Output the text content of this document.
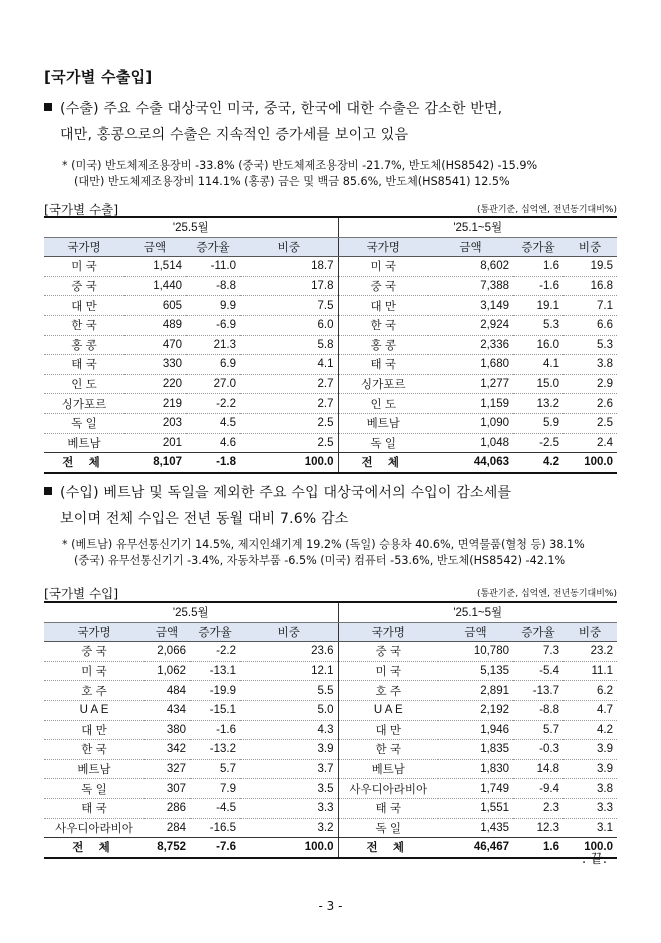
[국가별 수출입]
(수출) 주요 수출 대상국인 미국, 중국, 한국에 대한 수출은 감소한 반면,
대만, 홍콩으로의 수출은 지속적인 증가세를 보이고 있음
* (미국) 반도체제조용장비 -33.8% (중국) 반도체제조용장비 -21.7%, 반도체(HS8542) -15.9%
(대만) 반도체제조용장비 114.1% (홍콩) 금은 및 백금 85.6%, 반도체(HS8541) 12.5%
[국가별 수출]	(통관기준, 십억엔, 전년동기대비%)
'25.5월				'25.1~5월			
국가명	금액	증가율	비중	국가명	금액	증가율	비중
미 국	1,514	-11.0	18.7	미 국	8,602	1.6	19.5
중 국	1,440	-8.8	17.8	중 국	7,388	-1.6	16.8
대 만	605	9.9	7.5	대 만	3,149	19.1	7.1
한 국	489	-6.9	6.0	한 국	2,924	5.3	6.6
홍 콩	470	21.3	5.8	홍 콩	2,336	16.0	5.3
태 국	330	6.9	4.1	태 국	1,680	4.1	3.8
인 도	220	27.0	2.7	싱가포르	1,277	15.0	2.9
싱가포르	219	-2.2	2.7	인 도	1,159	13.2	2.6
독 일	203	4.5	2.5	베트남	1,090	5.9	2.5
베트남	201	4.6	2.5	독 일	1,048	-2.5	2.4
전 체	8,107	-1.8	100.0	전 체	44,063	4.2	100.0
(수입) 베트남 및 독일을 제외한 주요 수입 대상국에서의 수입이 감소세를
보이며 전체 수입은 전년 동월 대비 7.6% 감소
* (베트남) 유무선통신기기 14.5%, 제지인쇄기계 19.2% (독일) 승용차 40.6%, 면역물품(혈청 등) 38.1%
(중국) 유무선통신기기 -3.4%, 자동차부품 -6.5% (미국) 컴퓨터 -53.6%, 반도체(HS8542) -42.1%
[국가별 수입]	(통관기준, 십억엔, 전년동기대비%)
'25.5월				'25.1~5월			
국가명	금액	증가율	비중	국가명	금액	증가율	비중
중 국	2,066	-2.2	23.6	중 국	10,780	7.3	23.2
미 국	1,062	-13.1	12.1	미 국	5,135	-5.4	11.1
호 주	484	-19.9	5.5	호 주	2,891	-13.7	6.2
U A E	434	-15.1	5.0	U A E	2,192	-8.8	4.7
대 만	380	-1.6	4.3	대 만	1,946	5.7	4.2
한 국	342	-13.2	3.9	한 국	1,835	-0.3	3.9
베트남	327	5.7	3.7	베트남	1,830	14.8	3.9
독 일	307	7.9	3.5	사우디아라비아	1,749	-9.4	3.8
태 국	286	-4.5	3.3	태 국	1,551	2.3	3.3
사우디아라비아	284	-16.5	3.2	독 일	1,435	12.3	3.1
전 체	8,752	-7.6	100.0	전 체	46,467	1.6	100.0
. 끝.
- 3 -
